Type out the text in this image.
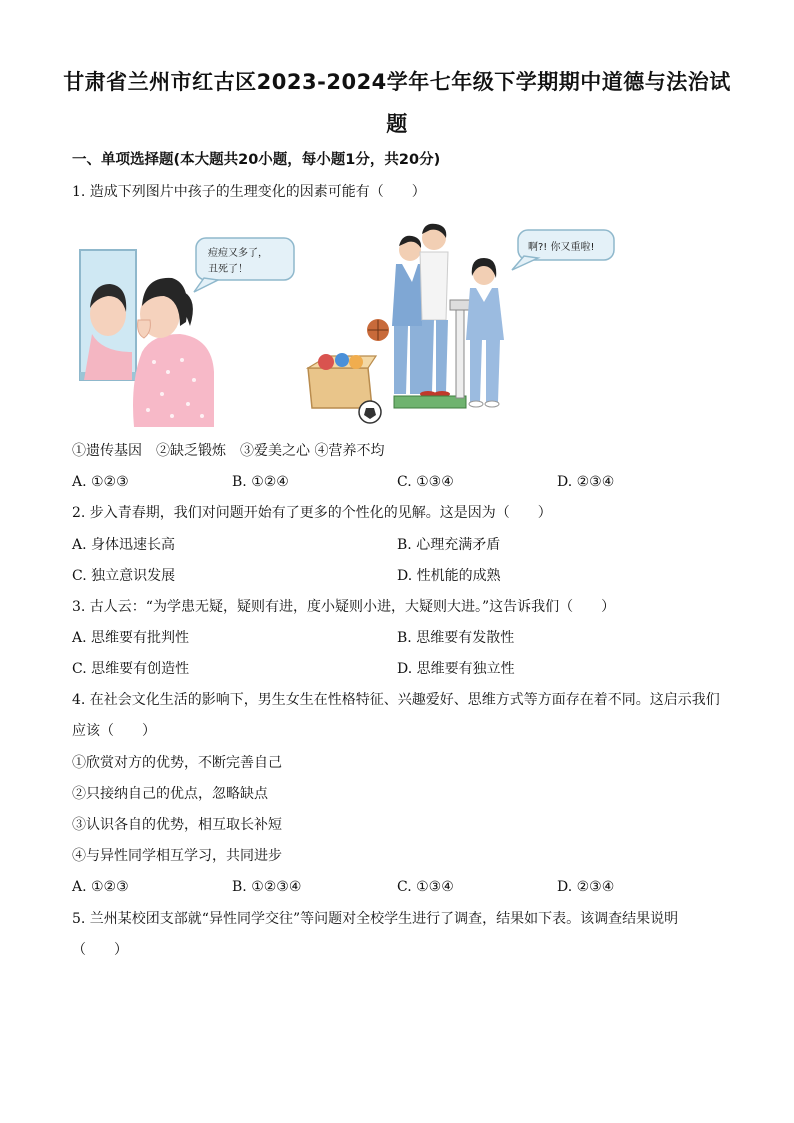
甘肃省兰州市红古区2023-2024学年七年级下学期期中道德与法治试
题
一、单项选择题(本大题共20小题，每小题1分，共20分)
1. 造成下列图片中孩子的生理变化的因素可能有（　　）
痘痘又多了，
丑死了！
啊?! 你又重啦!
①遗传基因　②缺乏锻炼　③爱美之心 ④营养不均
A. ①②③	B. ①②④	C. ①③④	D. ②③④
2. 步入青春期，我们对问题开始有了更多的个性化的见解。这是因为（　　）
A. 身体迅速长高	B. 心理充满矛盾
C. 独立意识发展	D. 性机能的成熟
3. 古人云：“为学患无疑，疑则有进，度小疑则小进，大疑则大进。”这告诉我们（　　）
A. 思维要有批判性	B. 思维要有发散性
C. 思维要有创造性	D. 思维要有独立性
4. 在社会文化生活的影响下，男生女生在性格特征、兴趣爱好、思维方式等方面存在着不同。这启示我们
应该（　　）
①欣赏对方的优势，不断完善自己
②只接纳自己的优点，忽略缺点
③认识各自的优势，相互取长补短
④与异性同学相互学习，共同进步
A. ①②③	B. ①②③④	C. ①③④	D. ②③④
5. 兰州某校团支部就“异性同学交往”等问题对全校学生进行了调查，结果如下表。该调查结果说明
（　　）
